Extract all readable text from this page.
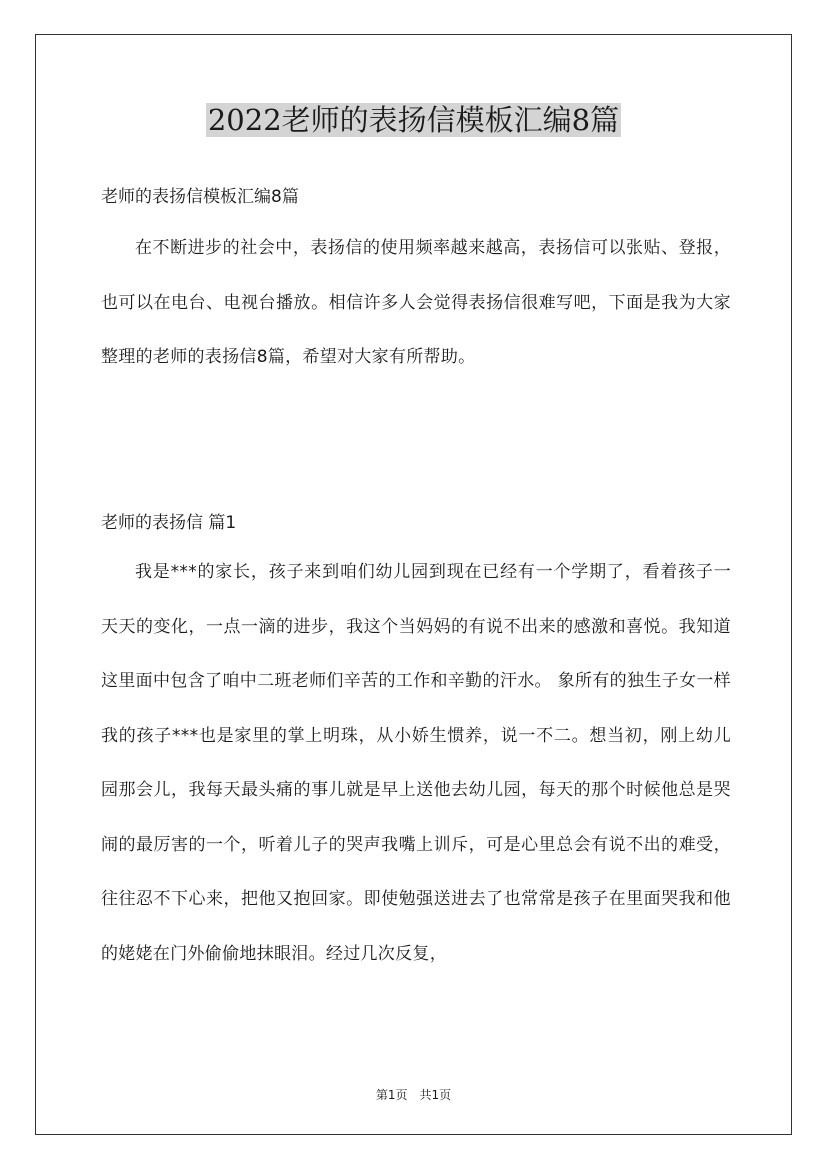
2022老师的表扬信模板汇编8篇
老师的表扬信模板汇编8篇
在不断进步的社会中，表扬信的使用频率越来越高，表扬信可以张贴、登报，也可以在电台、电视台播放。相信许多人会觉得表扬信很难写吧，下面是我为大家整理的老师的表扬信8篇，希望对大家有所帮助。
老师的表扬信 篇1
我是***的家长，孩子来到咱们幼儿园到现在已经有一个学期了，看着孩子一天天的变化，一点一滴的进步，我这个当妈妈的有说不出来的感激和喜悦。我知道这里面中包含了咱中二班老师们辛苦的工作和辛勤的汗水。 象所有的独生子女一样我的孩子***也是家里的掌上明珠，从小娇生惯养，说一不二。想当初，刚上幼儿园那会儿，我每天最头痛的事儿就是早上送他去幼儿园，每天的那个时候他总是哭闹的最厉害的一个，听着儿子的哭声我嘴上训斥，可是心里总会有说不出的难受，往往忍不下心来，把他又抱回家。即使勉强送进去了也常常是孩子在里面哭我和他的姥姥在门外偷偷地抹眼泪。经过几次反复，
第1页　共1页
